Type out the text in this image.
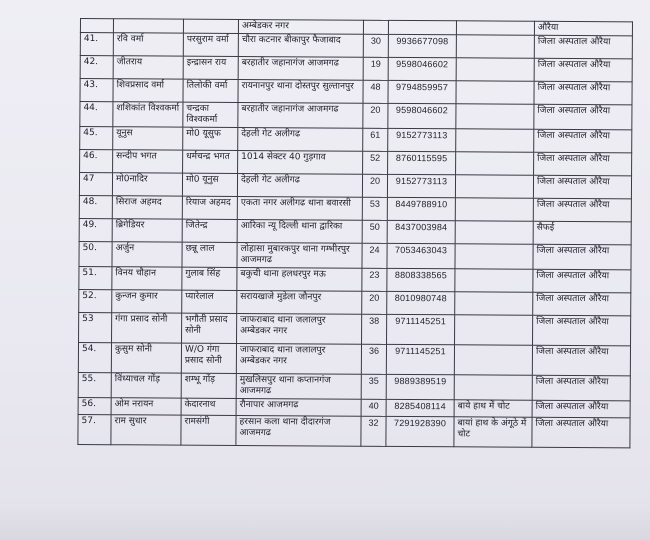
			अम्बेडकर नगर				औरैया
41.	रवि वर्मा	परसुराम वर्मा	चौरा कटनार बीकापुर फैजाबाद	30	9936677098		जिला अस्पताल औरैया
42.	जीतराय	इन्द्रासन राय	बरहातीर जहानागंज आजमगढ	19	9598046602		जिला अस्पताल औरैया
43.	शिवप्रसाद वर्मा	तिलोकी वर्मा	रायनानपुर थाना दोस्तपुर सुल्तानपुर	48	9794859957		जिला अस्पताल औरैया
44.	शशिकांत विश्वकर्मा	चन्द्रका विश्वकर्मा	बरहातीर जहानागंज आजमगढ	20	9598046602		जिला अस्पताल औरैया
45.	यूनुस	मो0 यूसुफ	देहली गेट अलीगढ	61	9152773113		जिला अस्पताल औरैया
46.	सन्दीप भगत	धर्मचन्द्र भगत	1014 सेक्टर 40 गुड़गाव	52	8760115595		जिला अस्पताल औरैया
47	मो0नादिर	मो0 यूनुस	देहली गेट अलीगढ	20	9152773113		जिला अस्पताल औरैया
48.	सिराज अहमद	रियाज अहमद	एकता नगर अलीगढ थाना बवारसी	53	8449788910		जिला अस्पताल औरैया
49.	ब्रिगेडियर	जितेन्द्र	आरिका न्यू दिल्ली थाना द्वारिका	50	8437003984		सैफई
50.	अर्जुन	छन्नू लाल	लोहासा मुबारकपुर थाना गम्भीरपुर आजमगढ	24	7053463043		जिला अस्पताल औरैया
51.	विनय चौहान	गुलाब सिंह	बकुची थाना हलधरपुर मऊ	23	8808338565		जिला अस्पताल औरैया
52.	कुन्जन कुमार	प्यारेलाल	सरायखाजे मुडेला जौनपुर	20	8010980748		जिला अस्पताल औरैया
53	गंगा प्रसाद सोनी	भगौती प्रसाद सोनी	जाफराबाद थाना जलालपुर अम्बेडकर नगर	38	9711145251		जिला अस्पताल औरैया
54.	कुसुम सोनी	W/O गंगा प्रसाद सोनी	जाफराबाद थाना जलालपुर अम्बेडकर नगर	36	9711145251		जिला अस्पताल औरैया
55.	विंध्याचल गोंड़	शम्भू गोंड़	मुखलिसपुर थाना कप्तानगंज आजमगढ	35	9889389519		जिला अस्पताल औरैया
56.	ओम नरायन	केदारनाथ	रौनापार आजमगढ	40	8285408114	बाये हाथ में चोट	जिला अस्पताल औरैया
57.	राम सुधार	रामसंगी	हरसान कला थाना दीदारगंज आजमगढ	32	7291928390	बायां हाथ के अंगूठे में चोट	जिला अस्पताल औरैया
